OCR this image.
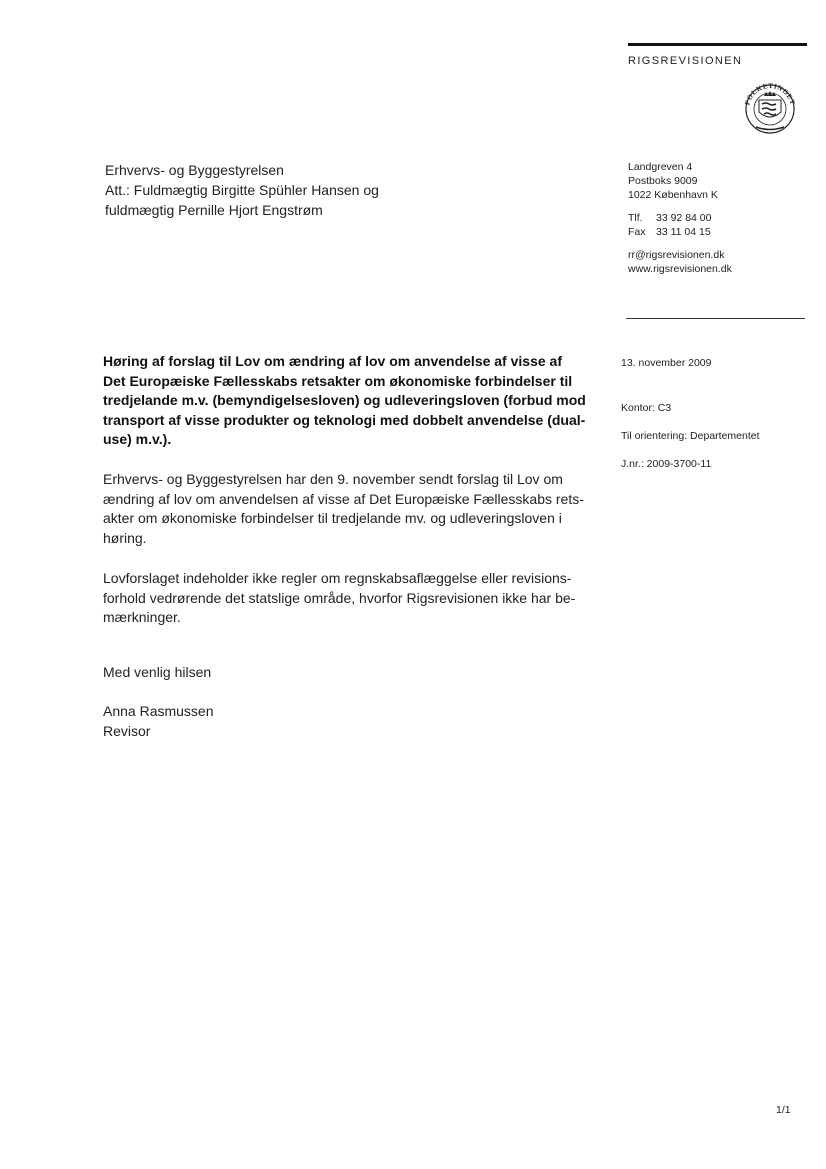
RIGSREVISIONEN
FOLKETINGET
Erhvervs- og Byggestyrelsen
Att.: Fuldmægtig Birgitte Spühler Hansen og
fuldmægtig Pernille Hjort Engstrøm
Landgreven 4
Postboks 9009
1022 København K
Tlf. 33 92 84 00
Fax 33 11 04 15
rr@rigsrevisionen.dk
www.rigsrevisionen.dk
13. november 2009
Kontor: C3
Til orientering: Departementet
J.nr.: 2009-3700-11
Høring af forslag til Lov om ændring af lov om anvendelse af visse af
Det Europæiske Fællesskabs retsakter om økonomiske forbindelser til
tredjelande m.v. (bemyndigelsesloven) og udleveringsloven (forbud mod
transport af visse produkter og teknologi med dobbelt anvendelse (dual-
use) m.v.).
Erhvervs- og Byggestyrelsen har den 9. november sendt forslag til Lov om
ændring af lov om anvendelsen af visse af Det Europæiske Fællesskabs rets-
akter om økonomiske forbindelser til tredjelande mv. og udleveringsloven i
høring.
Lovforslaget indeholder ikke regler om regnskabsaflæggelse eller revisions-
forhold vedrørende det statslige område, hvorfor Rigsrevisionen ikke har be-
mærkninger.
Med venlig hilsen
Anna Rasmussen
Revisor
1/1
